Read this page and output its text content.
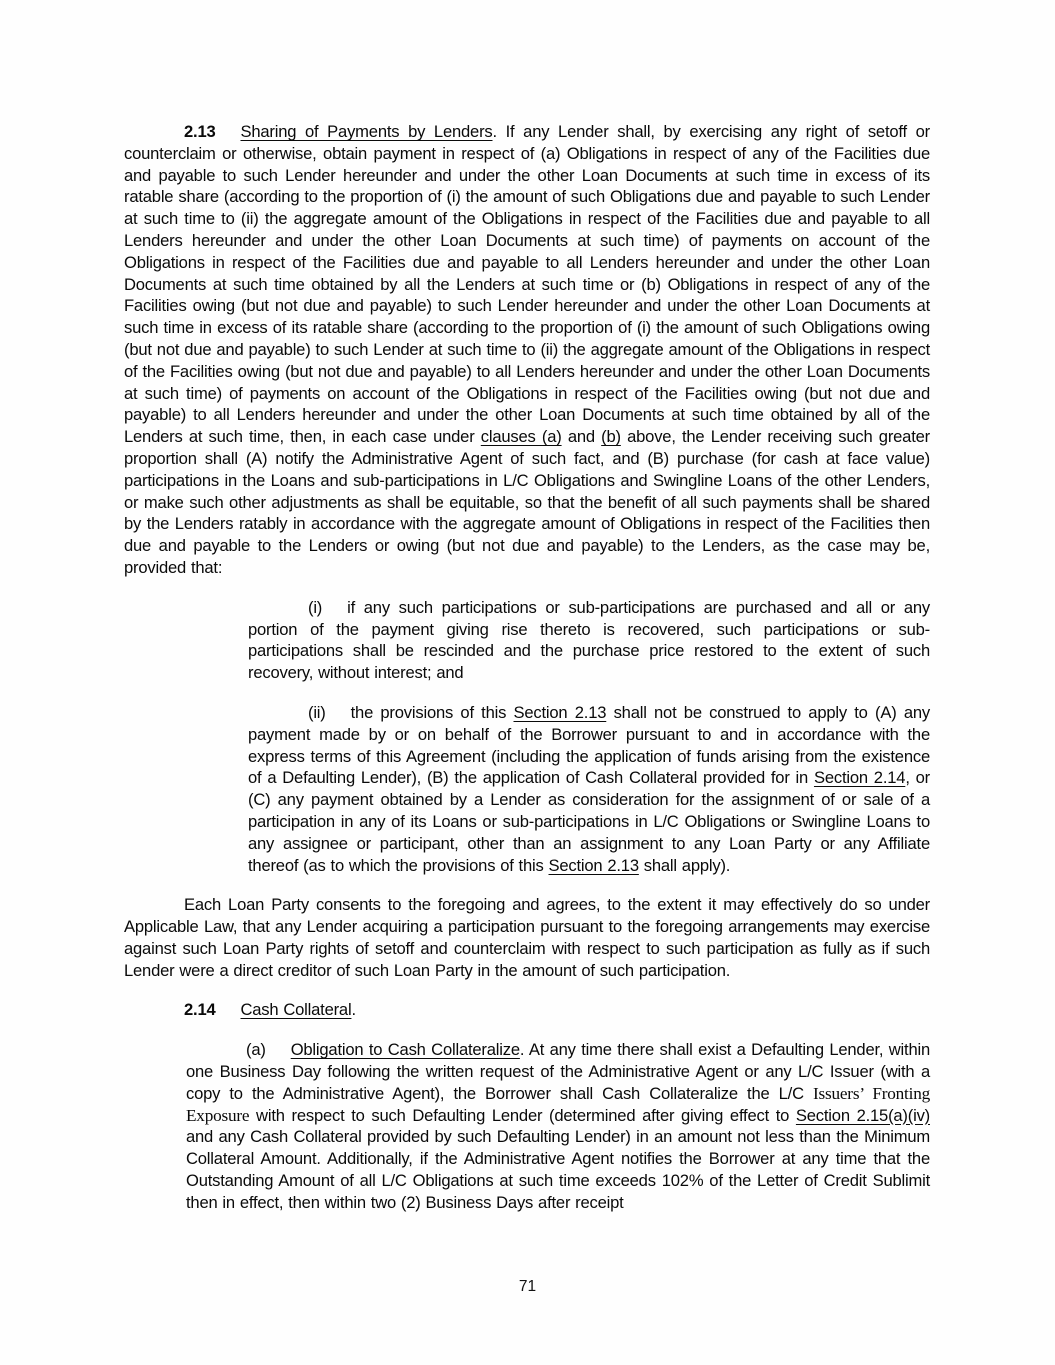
2.13 Sharing of Payments by Lenders. If any Lender shall, by exercising any right of setoff or counterclaim or otherwise, obtain payment in respect of (a) Obligations in respect of any of the Facilities due and payable to such Lender hereunder and under the other Loan Documents at such time in excess of its ratable share (according to the proportion of (i) the amount of such Obligations due and payable to such Lender at such time to (ii) the aggregate amount of the Obligations in respect of the Facilities due and payable to all Lenders hereunder and under the other Loan Documents at such time) of payments on account of the Obligations in respect of the Facilities due and payable to all Lenders hereunder and under the other Loan Documents at such time obtained by all the Lenders at such time or (b) Obligations in respect of any of the Facilities owing (but not due and payable) to such Lender hereunder and under the other Loan Documents at such time in excess of its ratable share (according to the proportion of (i) the amount of such Obligations owing (but not due and payable) to such Lender at such time to (ii) the aggregate amount of the Obligations in respect of the Facilities owing (but not due and payable) to all Lenders hereunder and under the other Loan Documents at such time) of payments on account of the Obligations in respect of the Facilities owing (but not due and payable) to all Lenders hereunder and under the other Loan Documents at such time obtained by all of the Lenders at such time, then, in each case under clauses (a) and (b) above, the Lender receiving such greater proportion shall (A) notify the Administrative Agent of such fact, and (B) purchase (for cash at face value) participations in the Loans and sub-participations in L/C Obligations and Swingline Loans of the other Lenders, or make such other adjustments as shall be equitable, so that the benefit of all such payments shall be shared by the Lenders ratably in accordance with the aggregate amount of Obligations in respect of the Facilities then due and payable to the Lenders or owing (but not due and payable) to the Lenders, as the case may be, provided that:

(i) if any such participations or sub-participations are purchased and all or any portion of the payment giving rise thereto is recovered, such participations or sub-participations shall be rescinded and the purchase price restored to the extent of such recovery, without interest; and

(ii) the provisions of this Section 2.13 shall not be construed to apply to (A) any payment made by or on behalf of the Borrower pursuant to and in accordance with the express terms of this Agreement (including the application of funds arising from the existence of a Defaulting Lender), (B) the application of Cash Collateral provided for in Section 2.14, or (C) any payment obtained by a Lender as consideration for the assignment of or sale of a participation in any of its Loans or sub-participations in L/C Obligations or Swingline Loans to any assignee or participant, other than an assignment to any Loan Party or any Affiliate thereof (as to which the provisions of this Section 2.13 shall apply).

Each Loan Party consents to the foregoing and agrees, to the extent it may effectively do so under Applicable Law, that any Lender acquiring a participation pursuant to the foregoing arrangements may exercise against such Loan Party rights of setoff and counterclaim with respect to such participation as fully as if such Lender were a direct creditor of such Loan Party in the amount of such participation.

2.14 Cash Collateral.

(a) Obligation to Cash Collateralize. At any time there shall exist a Defaulting Lender, within one Business Day following the written request of the Administrative Agent or any L/C Issuer (with a copy to the Administrative Agent), the Borrower shall Cash Collateralize the L/C Issuers’ Fronting Exposure with respect to such Defaulting Lender (determined after giving effect to Section 2.15(a)(iv) and any Cash Collateral provided by such Defaulting Lender) in an amount not less than the Minimum Collateral Amount. Additionally, if the Administrative Agent notifies the Borrower at any time that the Outstanding Amount of all L/C Obligations at such time exceeds 102% of the Letter of Credit Sublimit then in effect, then within two (2) Business Days after receipt

71
